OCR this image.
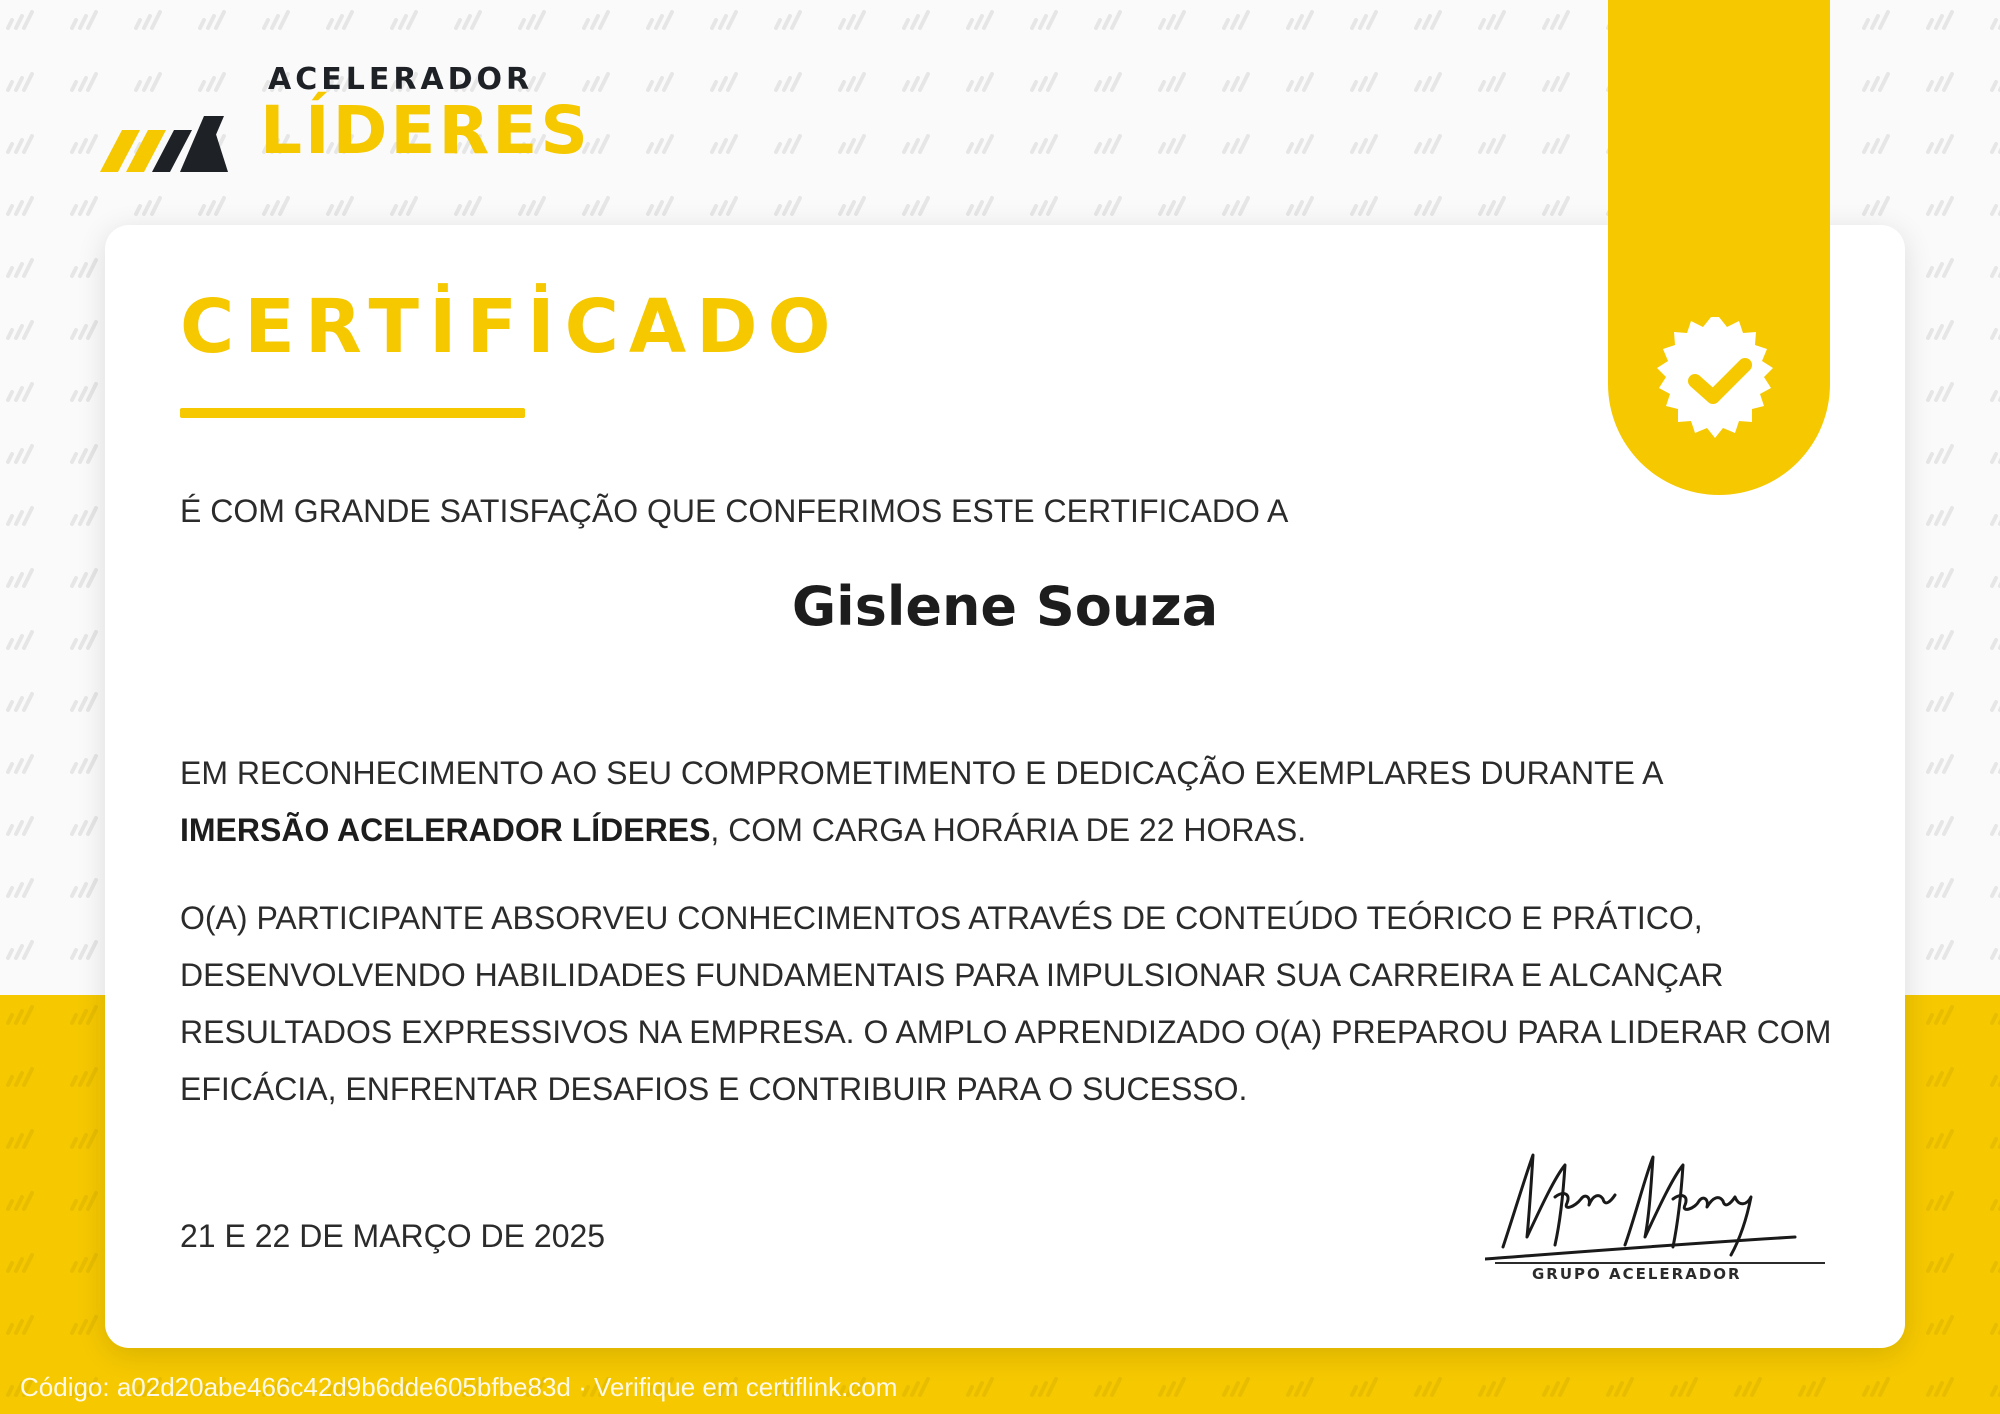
ACELERADOR
LÍDERES
CERTİFİCADO
É COM GRANDE SATISFAÇÃO QUE CONFERIMOS ESTE CERTIFICADO A
Gislene Souza
EM RECONHECIMENTO AO SEU COMPROMETIMENTO E DEDICAÇÃO EXEMPLARES DURANTE A
IMERSÃO ACELERADOR LÍDERES, COM CARGA HORÁRIA DE 22 HORAS.
O(A) PARTICIPANTE ABSORVEU CONHECIMENTOS ATRAVÉS DE CONTEÚDO TEÓRICO E PRÁTICO, DESENVOLVENDO HABILIDADES FUNDAMENTAIS PARA IMPULSIONAR SUA CARREIRA E ALCANÇAR RESULTADOS EXPRESSIVOS NA EMPRESA. O AMPLO APRENDIZADO O(A) PREPAROU PARA LIDERAR COM EFICÁCIA, ENFRENTAR DESAFIOS E CONTRIBUIR PARA O SUCESSO.
21 E 22 DE MARÇO DE 2025
GRUPO ACELERADOR
Código: a02d20abe466c42d9b6dde605bfbe83d · Verifique em certiflink.com
